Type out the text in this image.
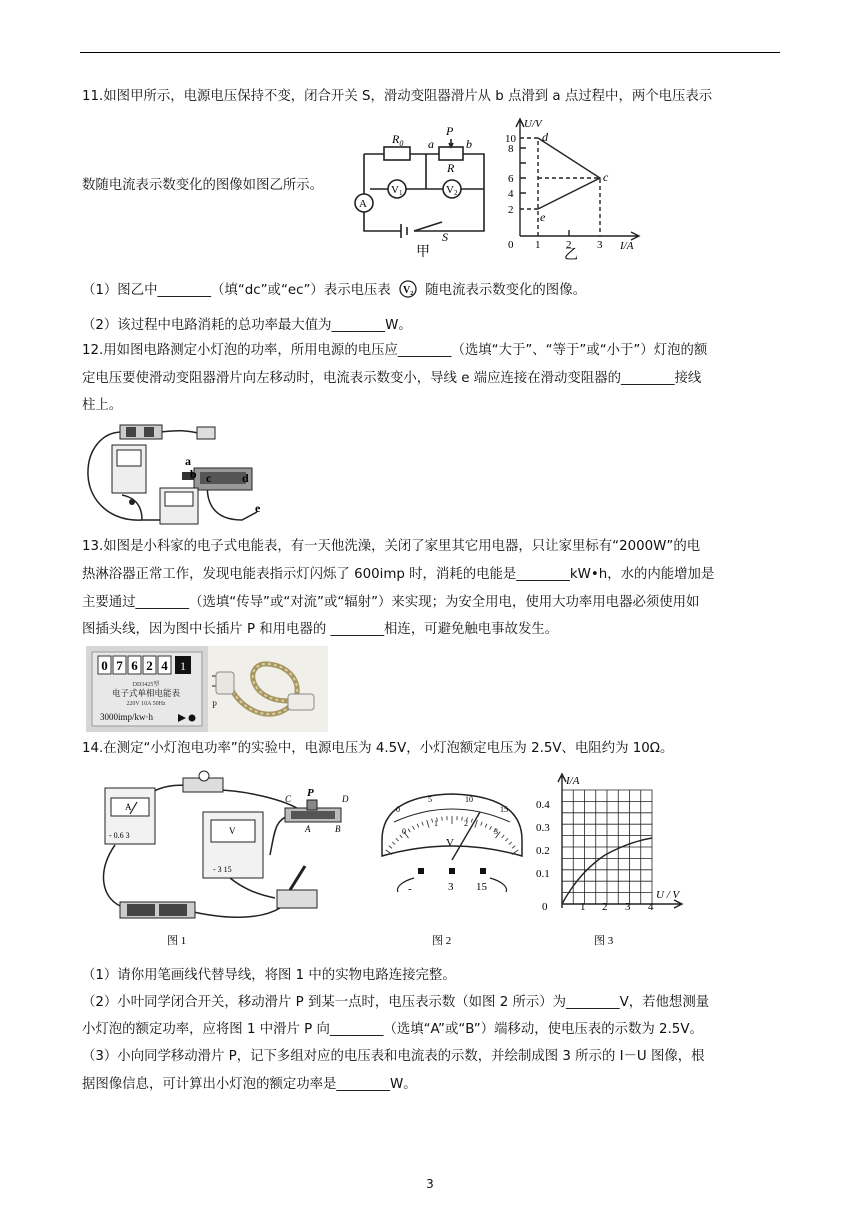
11.如图甲所示，电源电压保持不变，闭合开关 S，滑动变阻器滑片从 b 点滑到 a 点过程中，两个电压表示
$R_0$ a
P
b
R
V1	V2
A
S
甲
U/V
I/A
0
10
8
6
4
2
1 2 3
d
c
e
乙
数随电流表示数变化的图像如图乙所示。
（1）图乙中________（填“dc”或“ec”）表示电压表 $V_2$ 随电流表示数变化的图像。
（2）该过程中电路消耗的总功率最大值为________W。
12.用如图电路测定小灯泡的功率，所用电源的电压应________（选填“大于”、“等于”或“小于”）灯泡的额
定电压要使滑动变阻器滑片向左移动时，电流表示数变小，导线 e 端应连接在滑动变阻器的________接线
柱上。
a
b c	d
e
13.如图是小科家的电子式电能表，有一天他洗澡，关闭了家里其它用电器，只让家里标有“2000W”的电
热淋浴器正常工作，发现电能表指示灯闪烁了 600imp 时，消耗的电能是________kW•h，水的内能增加是
主要通过________（选填“传导”或“对流”或“辐射”）来实现；为安全用电，使用大功率用电器必须使用如
图插头线，因为图中长插片 P 和用电器的 ________相连，可避免触电事故发生。
0 7 6 2 4 1
DD3425型
电子式单相电能表
220V 10A 50Hz
3000imp/kw·h
P
14.在测定“小灯泡电功率”的实验中，电源电压为 4.5V，小灯泡额定电压为 2.5V、电阻约为 10Ω。
A
- 0.6 3	V
- 3 15
P
C	D
A	B
图 1
0
5	10
15
0
1	2
3
V
-	3 15
图 2
I/A
U / V
0.4
0.3
0.2
0.1
0	1 2 3 4
图 3
（1）请你用笔画线代替导线，将图 1 中的实物电路连接完整。
（2）小叶同学闭合开关，移动滑片 P 到某一点时，电压表示数（如图 2 所示）为________V，若他想测量
小灯泡的额定功率，应将图 1 中滑片 P 向________（选填“A”或“B”）端移动，使电压表的示数为 2.5V。
（3）小向同学移动滑片 P，记下多组对应的电压表和电流表的示数，并绘制成图 3 所示的 I－U 图像，根
据图像信息，可计算出小灯泡的额定功率是________W。
3
